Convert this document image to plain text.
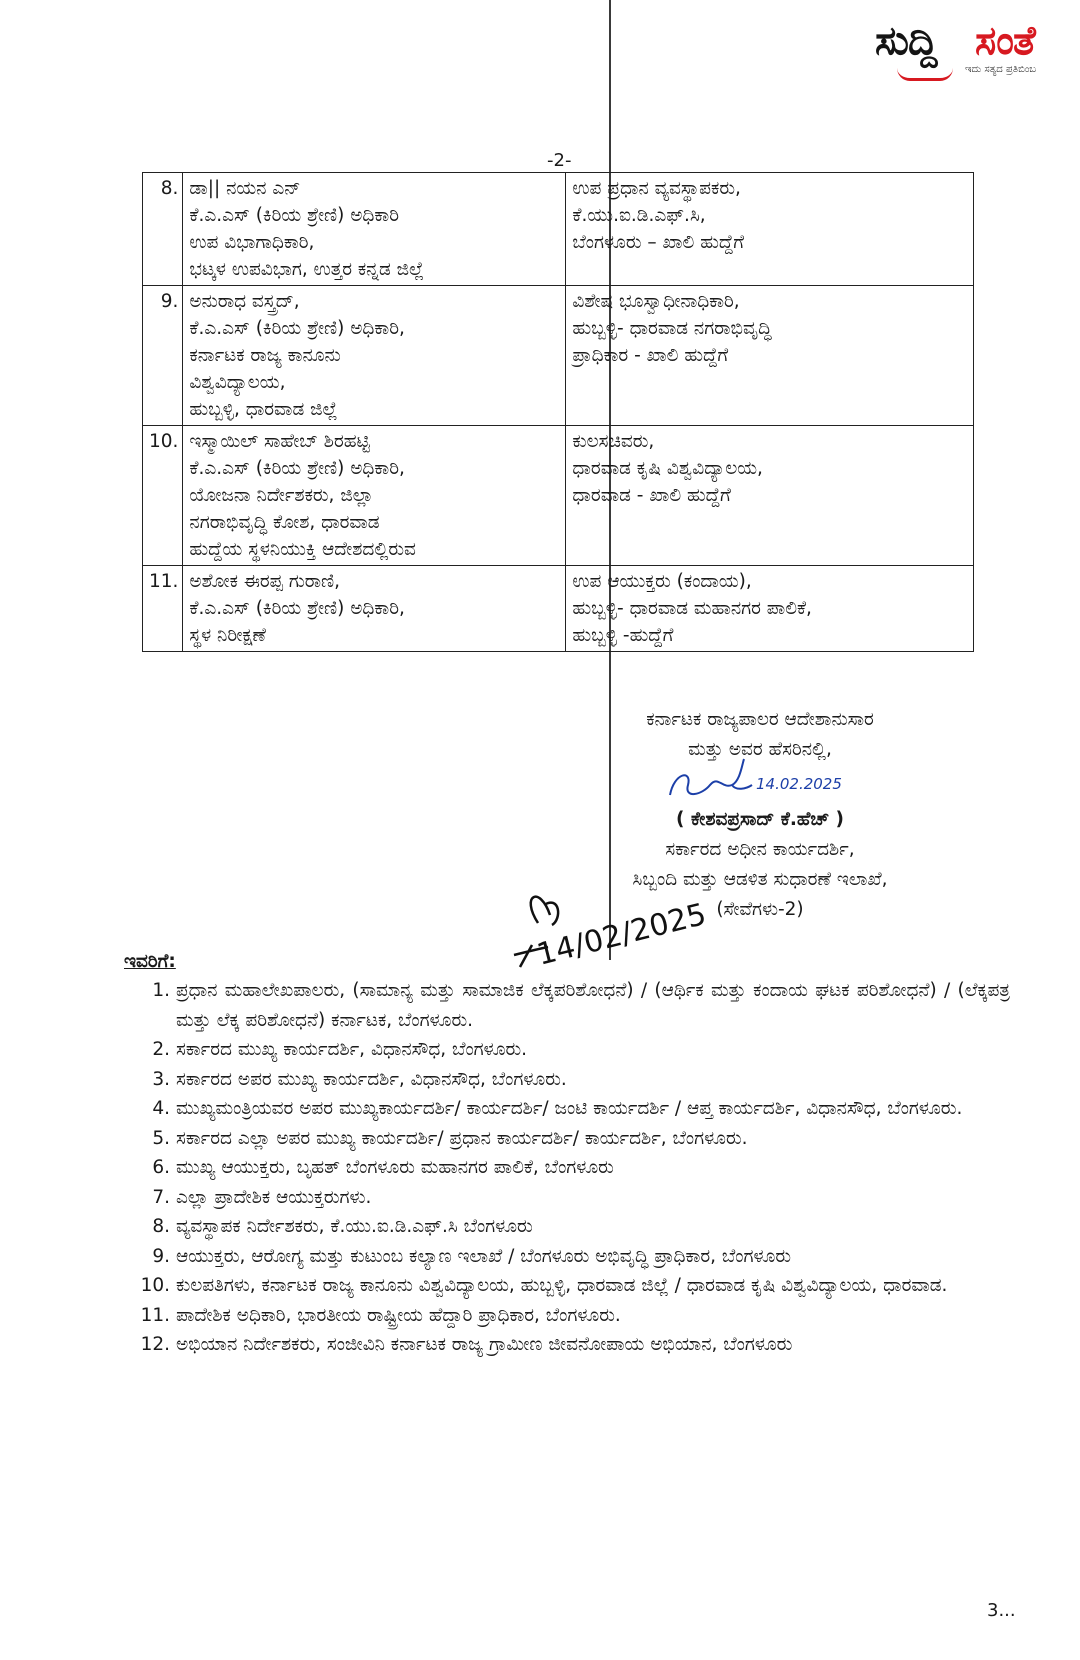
ಸುದ್ದಿ ಸಂತೆ
ಇದು ಸತ್ಯದ ಪ್ರತಿಬಿಂಬ
-2-
8.	ಡಾ|| ನಯನ ಎನ್
ಕೆ.ಎ.ಎಸ್ (ಕಿರಿಯ ಶ್ರೇಣಿ) ಅಧಿಕಾರಿ
ಉಪ ವಿಭಾಗಾಧಿಕಾರಿ,
ಭಟ್ಕಳ ಉಪವಿಭಾಗ, ಉತ್ತರ ಕನ್ನಡ ಜಿಲ್ಲೆ	ಉಪ ಪ್ರಧಾನ ವ್ಯವಸ್ಥಾಪಕರು,
ಕೆ.ಯು.ಐ.ಡಿ.ಎಫ್.ಸಿ,
ಬೆಂಗಳೂರು – ಖಾಲಿ ಹುದ್ದೆಗೆ

9.	ಅನುರಾಧ ವಸ್ತ್ರದ್,
ಕೆ.ಎ.ಎಸ್ (ಕಿರಿಯ ಶ್ರೇಣಿ) ಅಧಿಕಾರಿ,
ಕರ್ನಾಟಕ ರಾಜ್ಯ ಕಾನೂನು
ವಿಶ್ವವಿದ್ಯಾಲಯ,
ಹುಬ್ಬಳ್ಳಿ, ಧಾರವಾಡ ಜಿಲ್ಲೆ	ವಿಶೇಷ ಭೂಸ್ವಾಧೀನಾಧಿಕಾರಿ,
ಹುಬ್ಬಳ್ಳಿ- ಧಾರವಾಡ ನಗರಾಭಿವೃದ್ಧಿ
ಪ್ರಾಧಿಕಾರ - ಖಾಲಿ ಹುದ್ದೆಗೆ

10.	ಇಸ್ಮಾಯಿಲ್ ಸಾಹೇಬ್ ಶಿರಹಟ್ಟಿ
ಕೆ.ಎ.ಎಸ್ (ಕಿರಿಯ ಶ್ರೇಣಿ) ಅಧಿಕಾರಿ,
ಯೋಜನಾ ನಿರ್ದೇಶಕರು, ಜಿಲ್ಲಾ
ನಗರಾಭಿವೃದ್ಧಿ ಕೋಶ, ಧಾರವಾಡ
ಹುದ್ದೆಯ ಸ್ಥಳನಿಯುಕ್ತಿ ಆದೇಶದಲ್ಲಿರುವ	ಕುಲಸಚಿವರು,
ಧಾರವಾಡ ಕೃಷಿ ವಿಶ್ವವಿದ್ಯಾಲಯ,
ಧಾರವಾಡ - ಖಾಲಿ ಹುದ್ದೆಗೆ

11.	ಅಶೋಕ ಈರಪ್ಪ ಗುರಾಣಿ,
ಕೆ.ಎ.ಎಸ್ (ಕಿರಿಯ ಶ್ರೇಣಿ) ಅಧಿಕಾರಿ,
ಸ್ಥಳ ನಿರೀಕ್ಷಣೆ	ಉಪ ಆಯುಕ್ತರು (ಕಂದಾಯ),
ಹುಬ್ಬಳ್ಳಿ- ಧಾರವಾಡ ಮಹಾನಗರ ಪಾಲಿಕೆ,
ಹುಬ್ಬಳ್ಳಿ -ಹುದ್ದೆಗೆ
ಕರ್ನಾಟಕ ರಾಜ್ಯಪಾಲರ ಆದೇಶಾನುಸಾರ
ಮತ್ತು ಅವರ ಹೆಸರಿನಲ್ಲಿ,
14.02.2025
( ಕೇಶವಪ್ರಸಾದ್ ಕೆ.ಹೆಚ್ )
ಸರ್ಕಾರದ ಅಧೀನ ಕಾರ್ಯದರ್ಶಿ,
ಸಿಬ್ಬಂದಿ ಮತ್ತು ಆಡಳಿತ ಸುಧಾರಣೆ ಇಲಾಖೆ,
(ಸೇವೆಗಳು-2)
14/02/2025
ಇವರಿಗೆ:
1. ಪ್ರಧಾನ ಮಹಾಲೇಖಪಾಲರು, (ಸಾಮಾನ್ಯ ಮತ್ತು ಸಾಮಾಜಿಕ ಲೆಕ್ಕಪರಿಶೋಧನೆ) / (ಆರ್ಥಿಕ ಮತ್ತು ಕಂದಾಯ ಘಟಕ ಪರಿಶೋಧನೆ) / (ಲೆಕ್ಕಪತ್ರ ಮತ್ತು ಲೆಕ್ಕ ಪರಿಶೋಧನೆ) ಕರ್ನಾಟಕ, ಬೆಂಗಳೂರು.
2. ಸರ್ಕಾರದ ಮುಖ್ಯ ಕಾರ್ಯದರ್ಶಿ, ವಿಧಾನಸೌಧ, ಬೆಂಗಳೂರು.
3. ಸರ್ಕಾರದ ಅಪರ ಮುಖ್ಯ ಕಾರ್ಯದರ್ಶಿ, ವಿಧಾನಸೌಧ, ಬೆಂಗಳೂರು.
4. ಮುಖ್ಯಮಂತ್ರಿಯವರ ಅಪರ ಮುಖ್ಯಕಾರ್ಯದರ್ಶಿ/ ಕಾರ್ಯದರ್ಶಿ/ ಜಂಟಿ ಕಾರ್ಯದರ್ಶಿ / ಆಪ್ತ ಕಾರ್ಯದರ್ಶಿ, ವಿಧಾನಸೌಧ, ಬೆಂಗಳೂರು.
5. ಸರ್ಕಾರದ ಎಲ್ಲಾ ಅಪರ ಮುಖ್ಯ ಕಾರ್ಯದರ್ಶಿ/ ಪ್ರಧಾನ ಕಾರ್ಯದರ್ಶಿ/ ಕಾರ್ಯದರ್ಶಿ, ಬೆಂಗಳೂರು.
6. ಮುಖ್ಯ ಆಯುಕ್ತರು, ಬೃಹತ್ ಬೆಂಗಳೂರು ಮಹಾನಗರ ಪಾಲಿಕೆ, ಬೆಂಗಳೂರು
7. ಎಲ್ಲಾ ಪ್ರಾದೇಶಿಕ ಆಯುಕ್ತರುಗಳು.
8. ವ್ಯವಸ್ಥಾಪಕ ನಿರ್ದೇಶಕರು, ಕೆ.ಯು.ಐ.ಡಿ.ಎಫ್.ಸಿ ಬೆಂಗಳೂರು
9. ಆಯುಕ್ತರು, ಆರೋಗ್ಯ ಮತ್ತು ಕುಟುಂಬ ಕಲ್ಯಾಣ ಇಲಾಖೆ / ಬೆಂಗಳೂರು ಅಭಿವೃದ್ಧಿ ಪ್ರಾಧಿಕಾರ, ಬೆಂಗಳೂರು
10. ಕುಲಪತಿಗಳು, ಕರ್ನಾಟಕ ರಾಜ್ಯ ಕಾನೂನು ವಿಶ್ವವಿದ್ಯಾಲಯ, ಹುಬ್ಬಳ್ಳಿ, ಧಾರವಾಡ ಜಿಲ್ಲೆ / ಧಾರವಾಡ ಕೃಷಿ ವಿಶ್ವವಿದ್ಯಾಲಯ, ಧಾರವಾಡ.
11. ಪಾದೇಶಿಕ ಅಧಿಕಾರಿ, ಭಾರತೀಯ ರಾಷ್ಟ್ರೀಯ ಹೆದ್ದಾರಿ ಪ್ರಾಧಿಕಾರ, ಬೆಂಗಳೂರು.
12. ಅಭಿಯಾನ ನಿರ್ದೇಶಕರು, ಸಂಜೀವಿನಿ ಕರ್ನಾಟಕ ರಾಜ್ಯ ಗ್ರಾಮೀಣ ಜೀವನೋಪಾಯ ಅಭಿಯಾನ, ಬೆಂಗಳೂರು
3...
